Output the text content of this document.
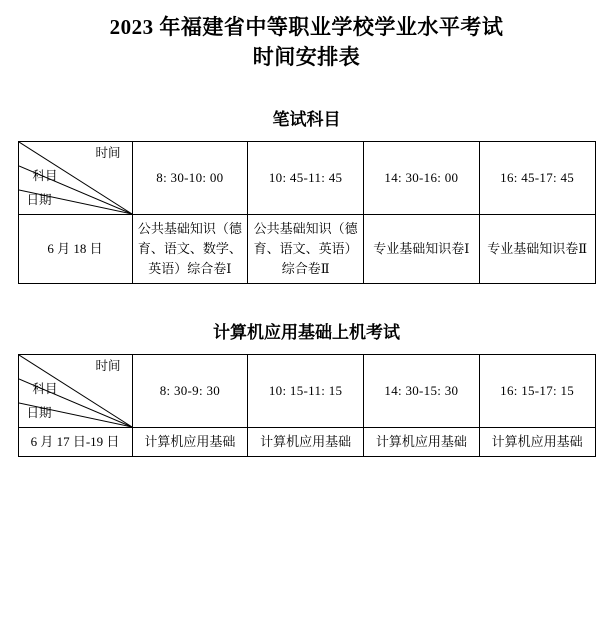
2023 年福建省中等职业学校学业水平考试
时间安排表
笔试科目
时间
科目
日期	8: 30-10: 00	10: 45-11: 45	14: 30-16: 00	16: 45-17: 45
6 月 18 日	公共基础知识（德育、语文、数学、英语）综合卷Ⅰ	公共基础知识（德育、语文、英语）综合卷Ⅱ	专业基础知识卷Ⅰ	专业基础知识卷Ⅱ
计算机应用基础上机考试
时间
科目
日期	8: 30-9: 30	10: 15-11: 15	14: 30-15: 30	16: 15-17: 15
6 月 17 日-19 日	计算机应用基础	计算机应用基础	计算机应用基础	计算机应用基础
